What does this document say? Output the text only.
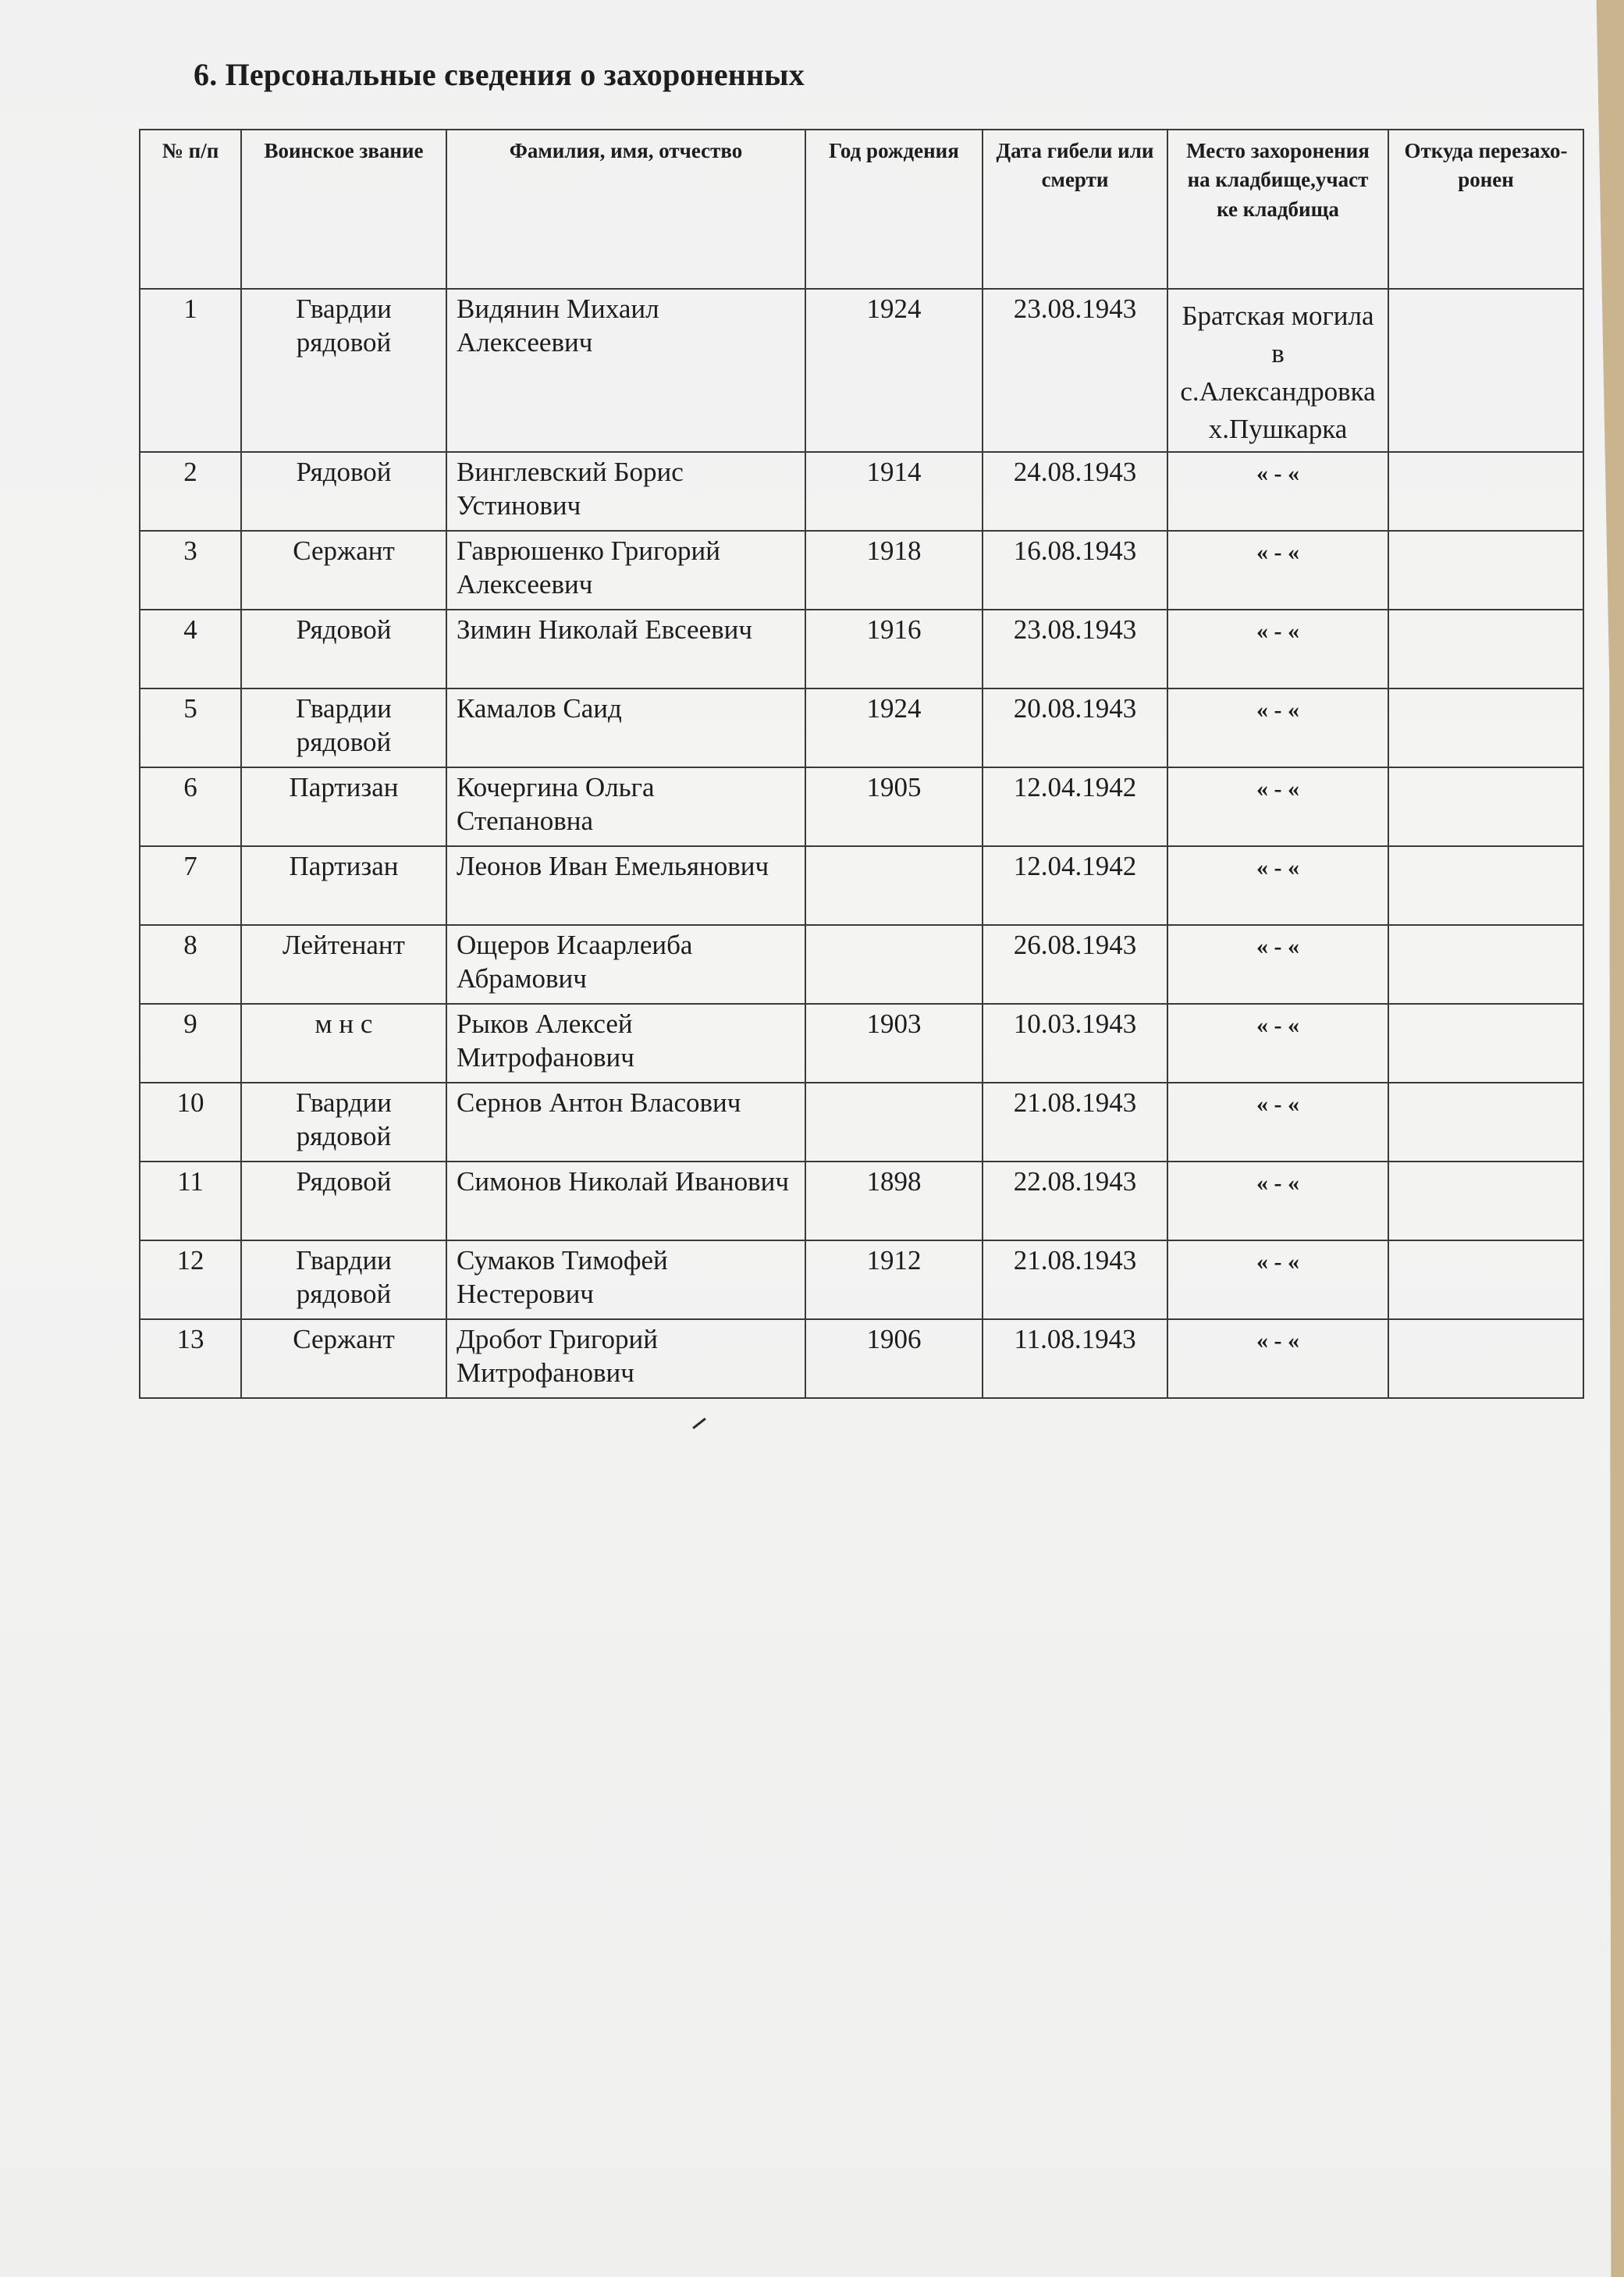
6. Персональные сведения о захороненных
№ п/п	Воинское звание	Фамилия, имя, отчество	Год рождения	Дата гибели или смерти	Место захоронения на кладбище,участ ке кладбища	Откуда перезахо-ронен
1	Гвардии рядовой	Видянин Михаил Алексеевич	1924	23.08.1943	Братская могила в с.Александровка х.Пушкарка	
2	Рядовой	Винглевский Борис Устинович	1914	24.08.1943	« - «	
3	Сержант	Гаврюшенко Григорий Алексеевич	1918	16.08.1943	« - «	
4	Рядовой	Зимин Николай Евсеевич	1916	23.08.1943	« - «	
5	Гвардии рядовой	Камалов Саид	1924	20.08.1943	« - «	
6	Партизан	Кочергина Ольга Степановна	1905	12.04.1942	« - «	
7	Партизан	Леонов Иван Емельянович		12.04.1942	« - «	
8	Лейтенант	Ощеров Исаарлеиба Абрамович		26.08.1943	« - «	
9	м н с	Рыков Алексей Митрофанович	1903	10.03.1943	« - «	
10	Гвардии рядовой	Сернов Антон Власович		21.08.1943	« - «	
11	Рядовой	Симонов Николай Иванович	1898	22.08.1943	« - «	
12	Гвардии рядовой	Сумаков Тимофей Нестерович	1912	21.08.1943	« - «	
13	Сержант	Дробот Григорий Митрофанович	1906	11.08.1943	« - «	
